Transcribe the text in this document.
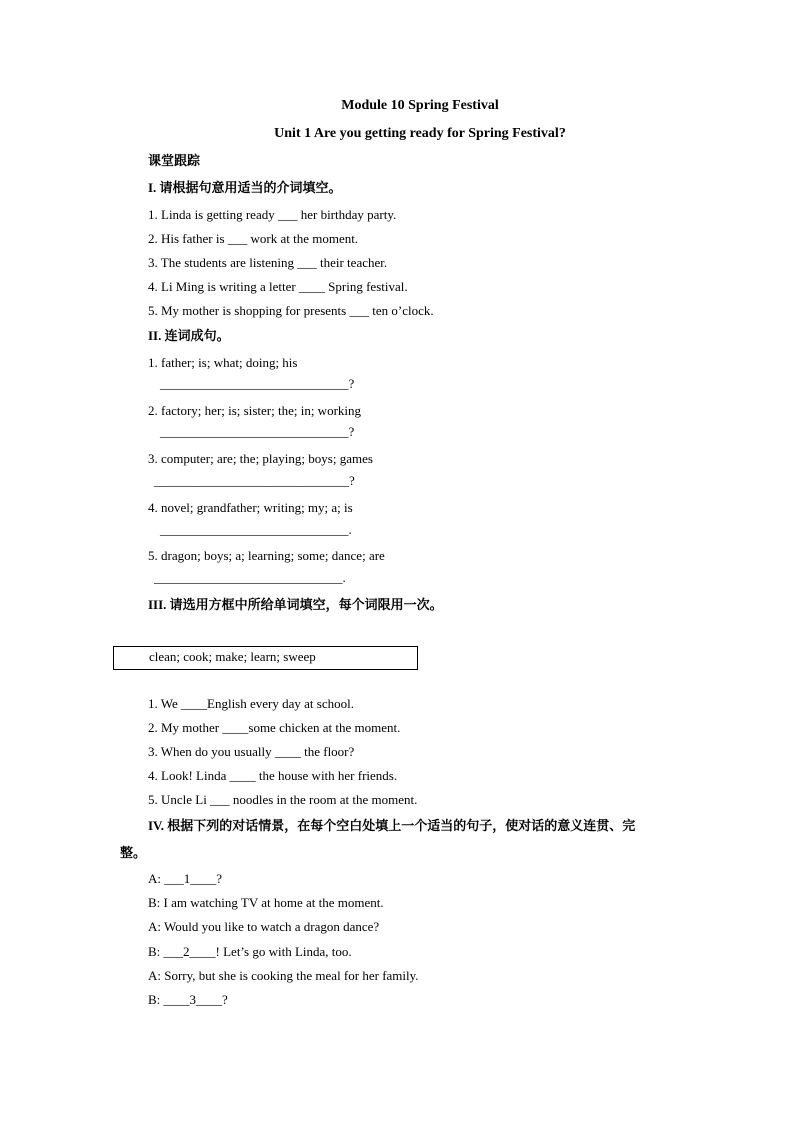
Module 10 Spring Festival
Unit 1 Are you getting ready for Spring Festival?
课堂跟踪
I. 请根据句意用适当的介词填空。
1. Linda is getting ready ___ her birthday party.
2. His father is ___ work at the moment.
3. The students are listening ___ their teacher.
4. Li Ming is writing a letter ____ Spring festival.
5. My mother is shopping for presents ___ ten o’clock.
II. 连词成句。
1. father; is; what; doing; his
_____________________________?
2. factory; her; is; sister; the; in; working
_____________________________?
3. computer; are; the; playing; boys; games
______________________________?
4. novel; grandfather; writing; my; a; is
_____________________________.
5. dragon; boys; a; learning; some; dance; are
_____________________________.
III. 请选用方框中所给单词填空，每个词限用一次。
clean; cook; make; learn; sweep
1. We ____English every day at school.
2. My mother ____some chicken at the moment.
3. When do you usually ____ the floor?
4. Look! Linda ____ the house with her friends.
5. Uncle Li ___ noodles in the room at the moment.
IV. 根据下列的对话情景，在每个空白处填上一个适当的句子，使对话的意义连贯、完
整。
A: ___1____?
B: I am watching TV at home at the moment.
A: Would you like to watch a dragon dance?
B: ___2____! Let’s go with Linda, too.
A: Sorry, but she is cooking the meal for her family.
B: ____3____?
